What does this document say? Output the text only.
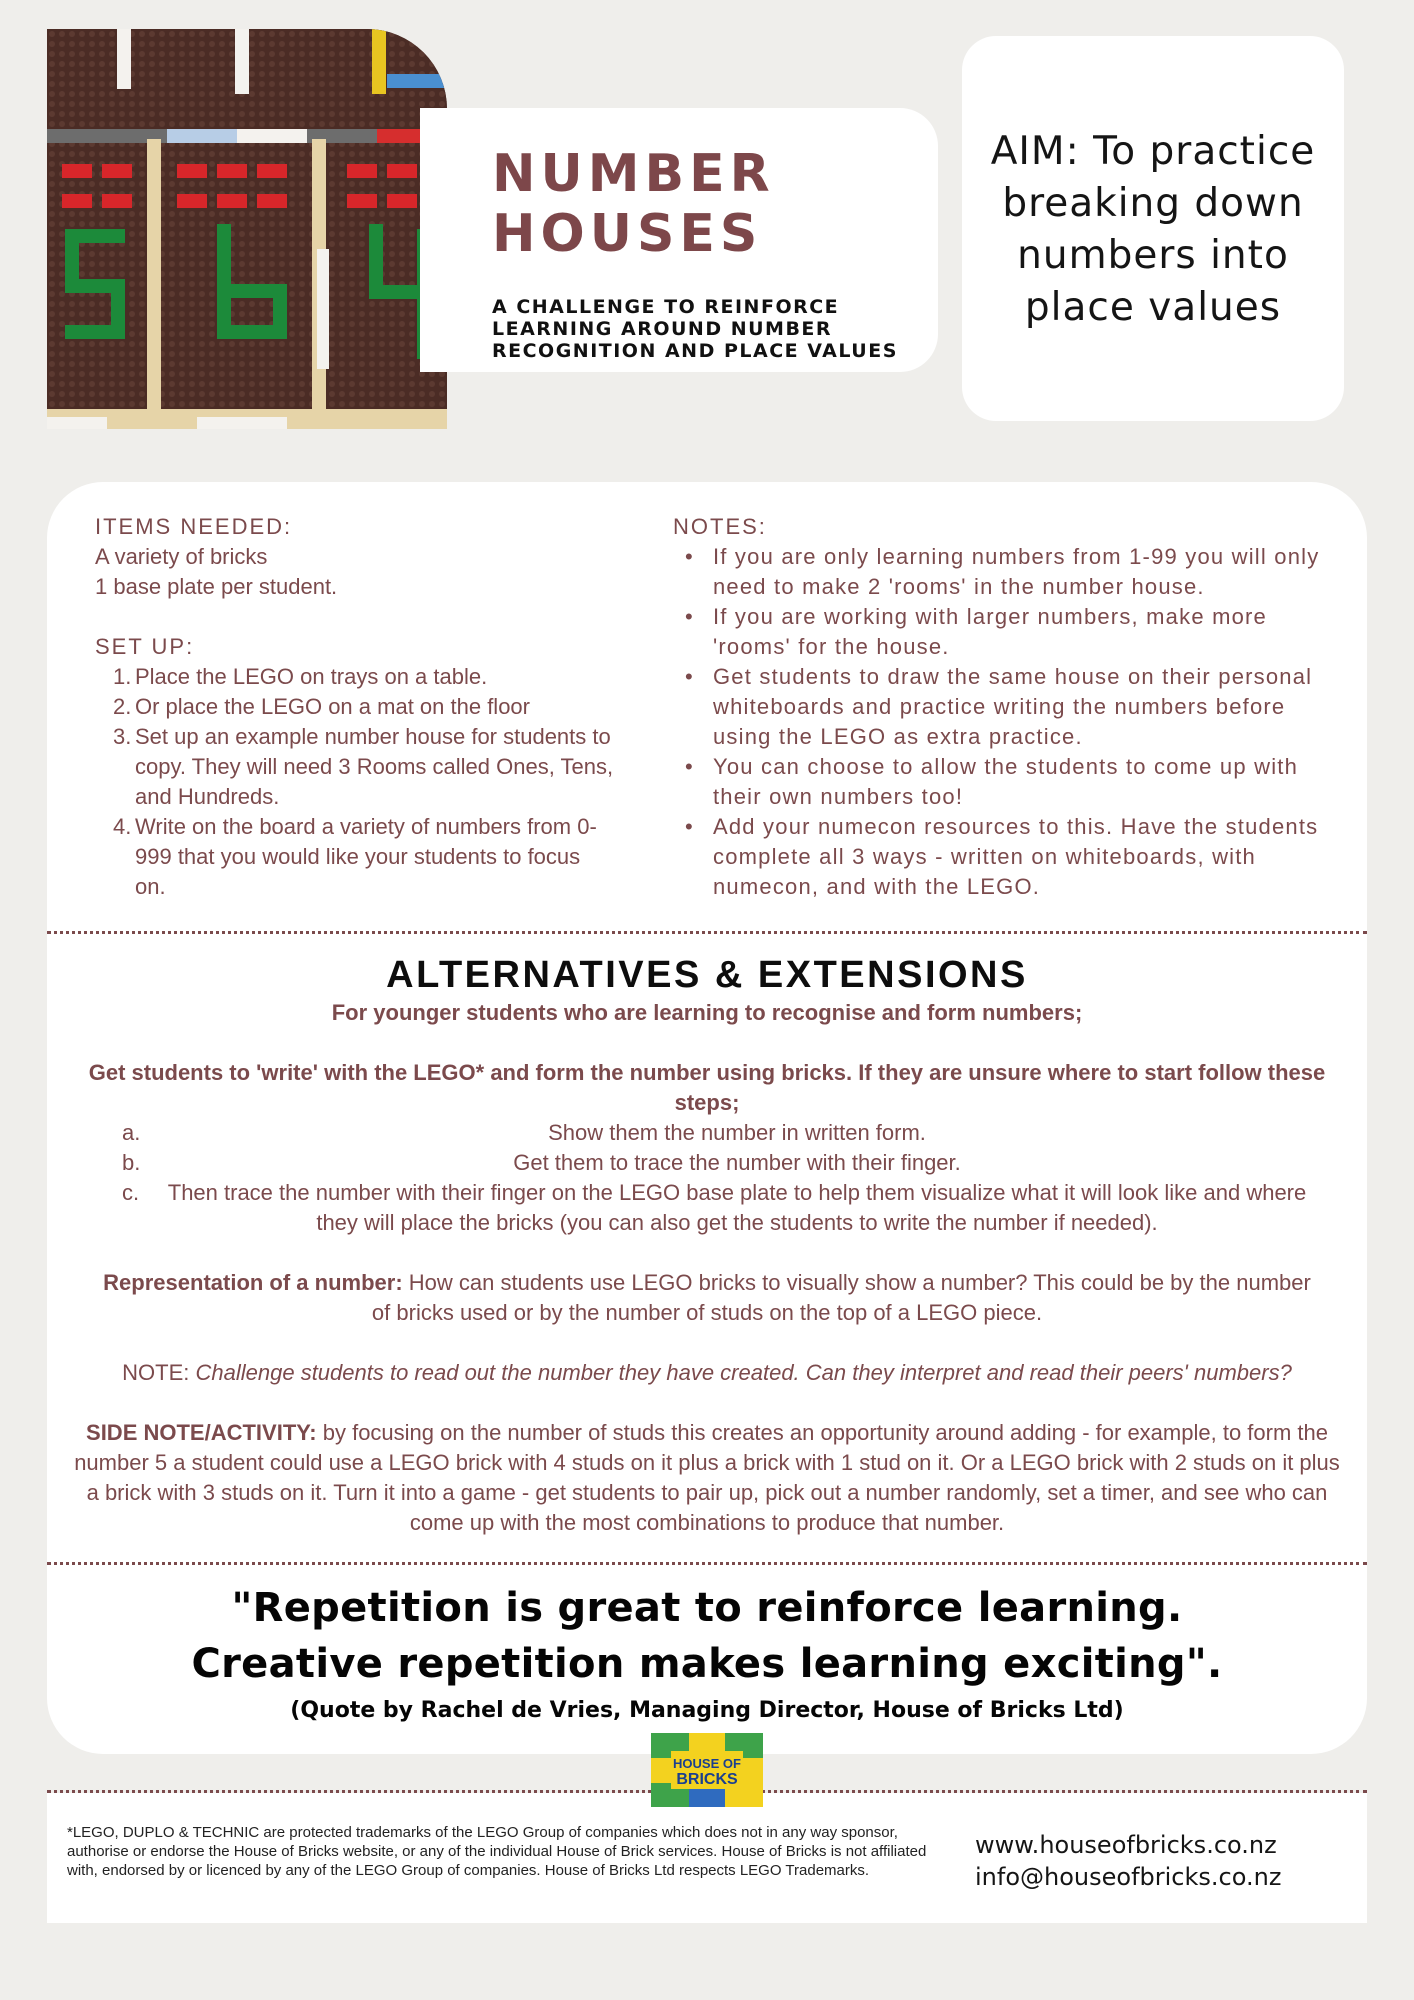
NUMBER
HOUSES
A CHALLENGE TO REINFORCE LEARNING AROUND NUMBER RECOGNITION AND PLACE VALUES
AIM: To practice breaking down numbers into place values
ITEMS NEEDED:
A variety of bricks
1 base plate per student.
SET UP:
1. Place the LEGO on trays on a table.
2. Or place the LEGO on a mat on the floor
3. Set up an example number house for students to copy. They will need 3 Rooms called Ones, Tens, and Hundreds.
4. Write on the board a variety of numbers from 0-999 that you would like your students to focus on.
NOTES:
• If you are only learning numbers from 1-99 you will only need to make 2 'rooms' in the number house.
• If you are working with larger numbers, make more 'rooms' for the house.
• Get students to draw the same house on their personal whiteboards and practice writing the numbers before using the LEGO as extra practice.
• You can choose to allow the students to come up with their own numbers too!
• Add your numecon resources to this. Have the students complete all 3 ways - written on whiteboards, with numecon, and with the LEGO.
ALTERNATIVES & EXTENSIONS
For younger students who are learning to recognise and form numbers;
Get students to 'write' with the LEGO* and form the number using bricks. If they are unsure where to start follow these steps;
a.	Show them the number in written form.
b.	Get them to trace the number with their finger.
c. Then trace the number with their finger on the LEGO base plate to help them visualize what it will look like and where they will place the bricks (you can also get the students to write the number if needed).
Representation of a number: How can students use LEGO bricks to visually show a number? This could be by the number of bricks used or by the number of studs on the top of a LEGO piece.
NOTE: Challenge students to read out the number they have created. Can they interpret and read their peers' numbers?
SIDE NOTE/ACTIVITY: by focusing on the number of studs this creates an opportunity around adding - for example, to form the number 5 a student could use a LEGO brick with 4 studs on it plus a brick with 1 stud on it. Or a LEGO brick with 2 studs on it plus a brick with 3 studs on it. Turn it into a game - get students to pair up, pick out a number randomly, set a timer, and see who can come up with the most combinations to produce that number.
"Repetition is great to reinforce learning.
Creative repetition makes learning exciting".
(Quote by Rachel de Vries, Managing Director, House of Bricks Ltd)
*LEGO, DUPLO & TECHNIC are protected trademarks of the LEGO Group of companies which does not in any way sponsor, authorise or endorse the House of Bricks website, or any of the individual House of Brick services. House of Bricks is not affiliated with, endorsed by or licenced by any of the LEGO Group of companies. House of Bricks Ltd respects LEGO Trademarks.
www.houseofbricks.co.nz
info@houseofbricks.co.nz
HOUSE OF
BRICKS
